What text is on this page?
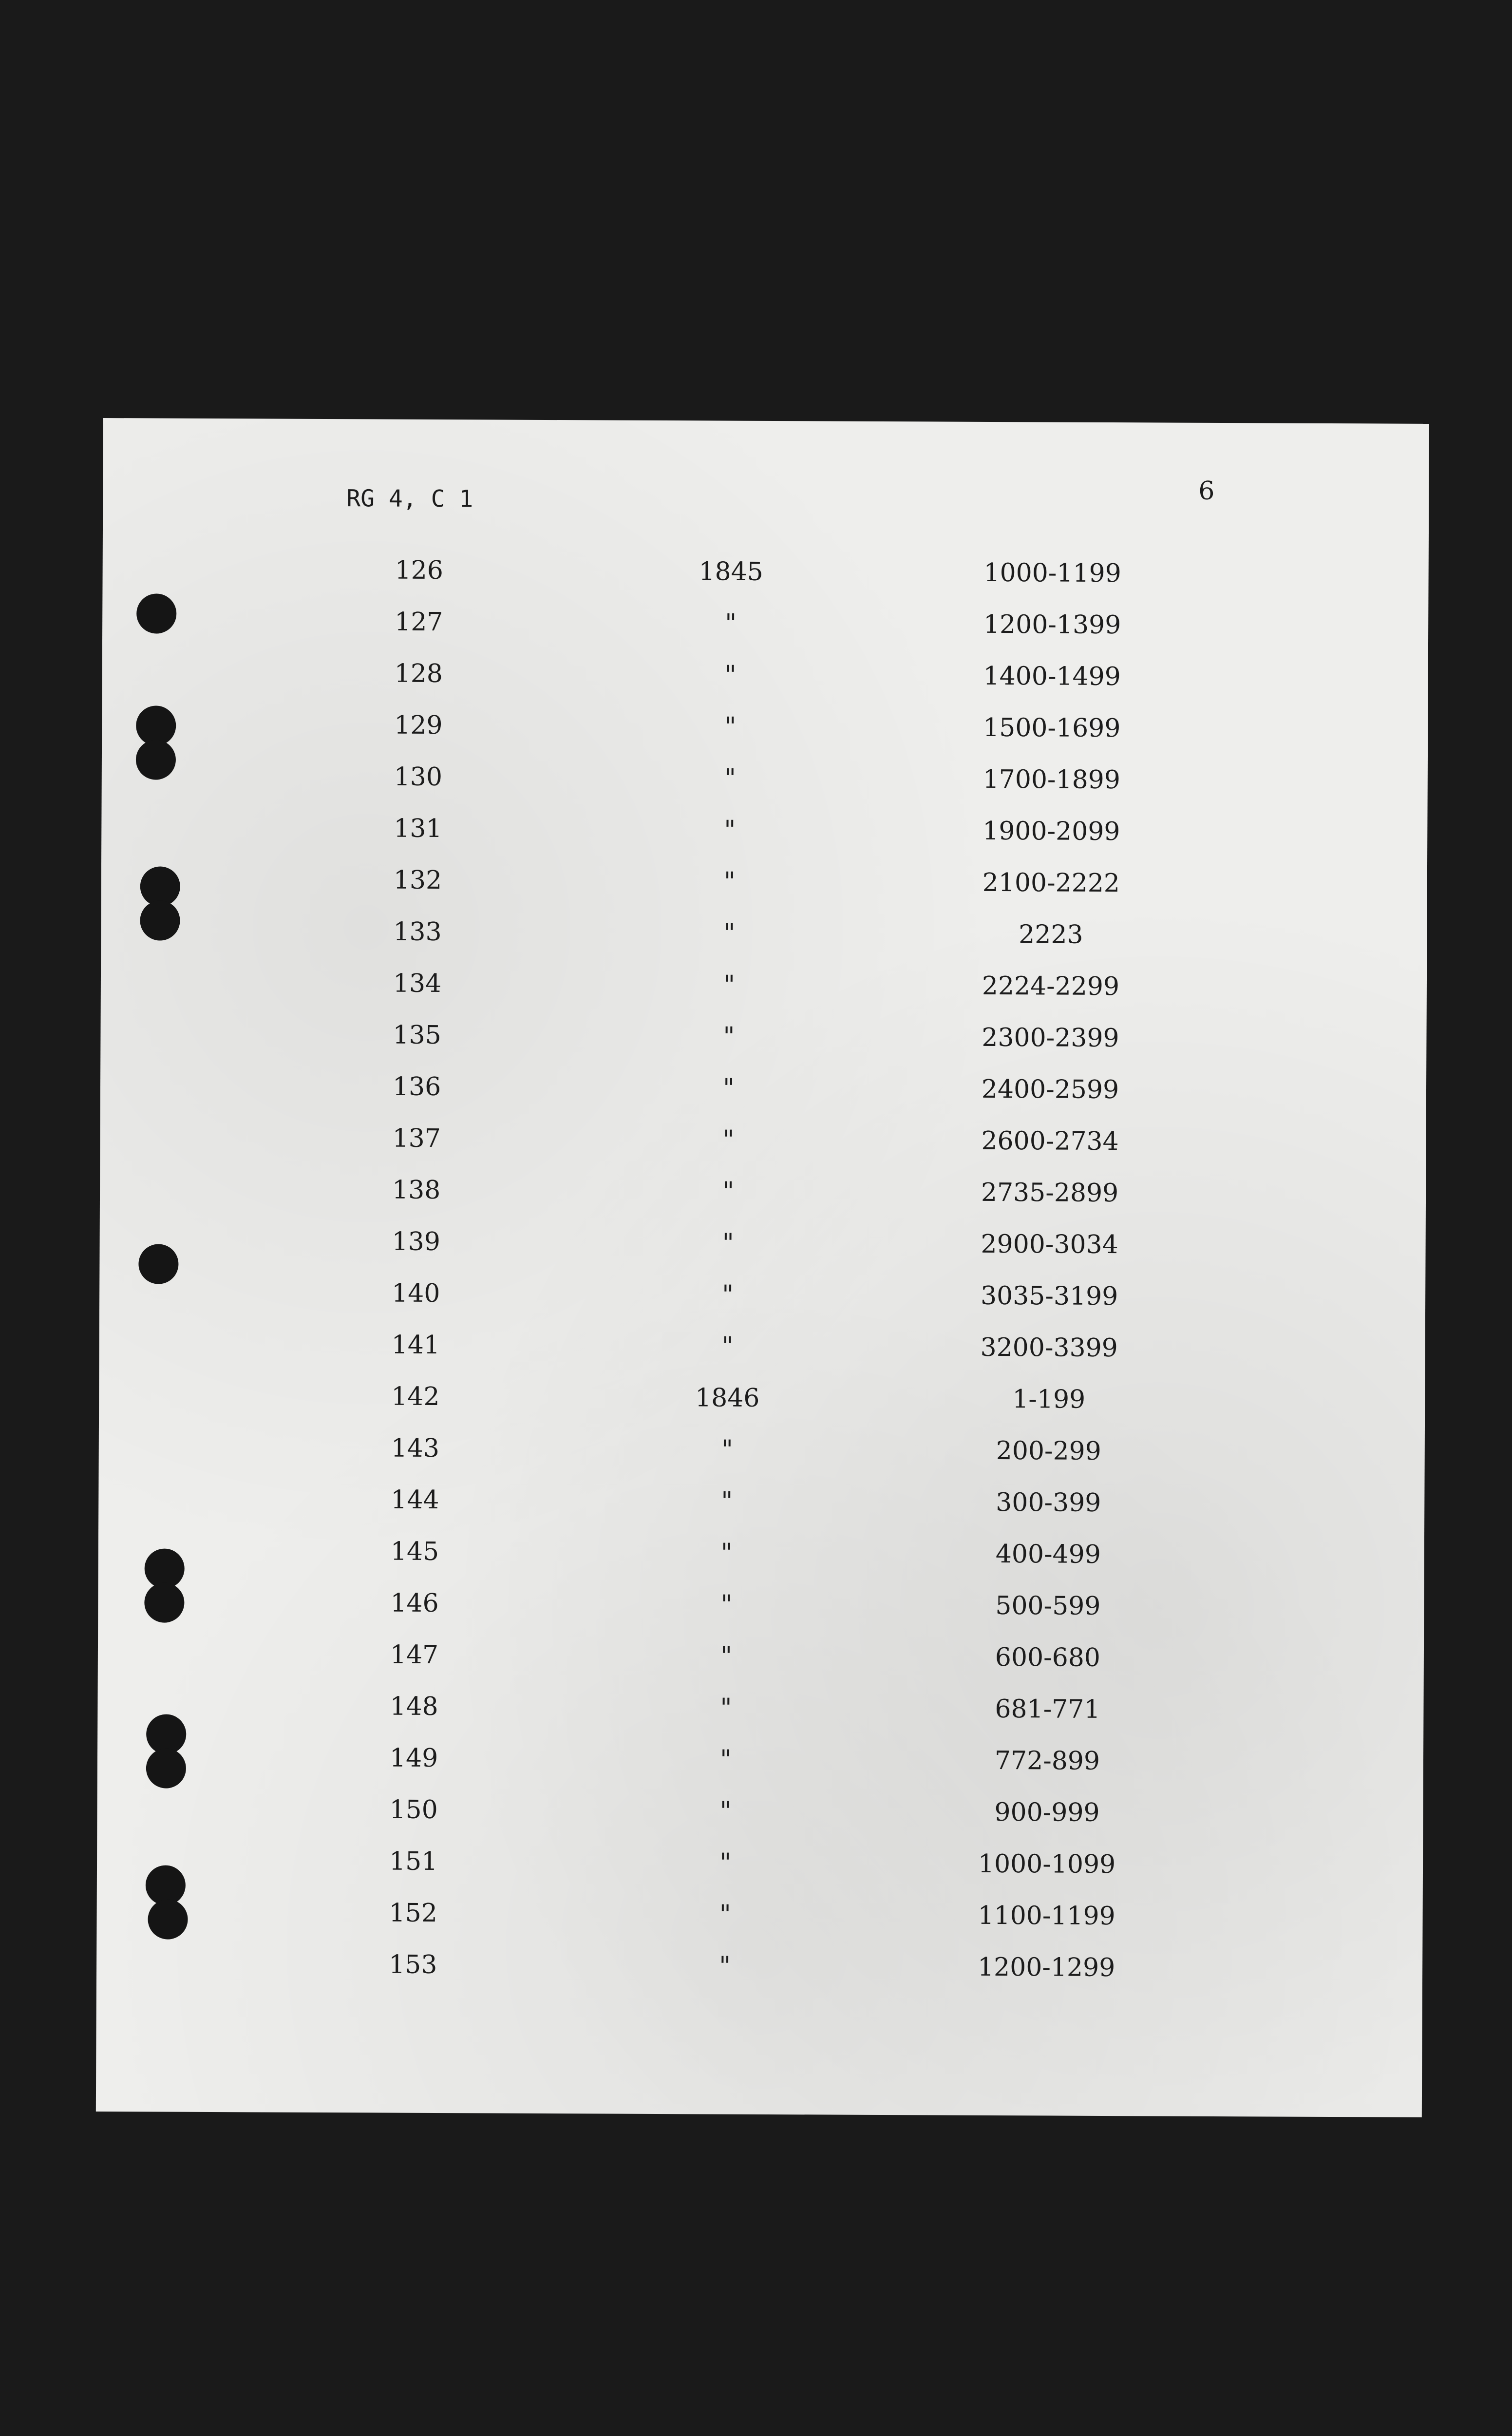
RG 4, C 1	6
126	1845	1000-1199
127	"	1200-1399
128	"	1400-1499
129	"	1500-1699
130	"	1700-1899
131	"	1900-2099
132	"	2100-2222
133	"	2223
134	"	2224-2299
135	"	2300-2399
136	"	2400-2599
137	"	2600-2734
138	"	2735-2899
139	"	2900-3034
140	"	3035-3199
141	"	3200-3399
142	1846	1-199
143	"	200-299
144	"	300-399
145	"	400-499
146	"	500-599
147	"	600-680
148	"	681-771
149	"	772-899
150	"	900-999
151	"	1000-1099
152	"	1100-1199
153	"	1200-1299
